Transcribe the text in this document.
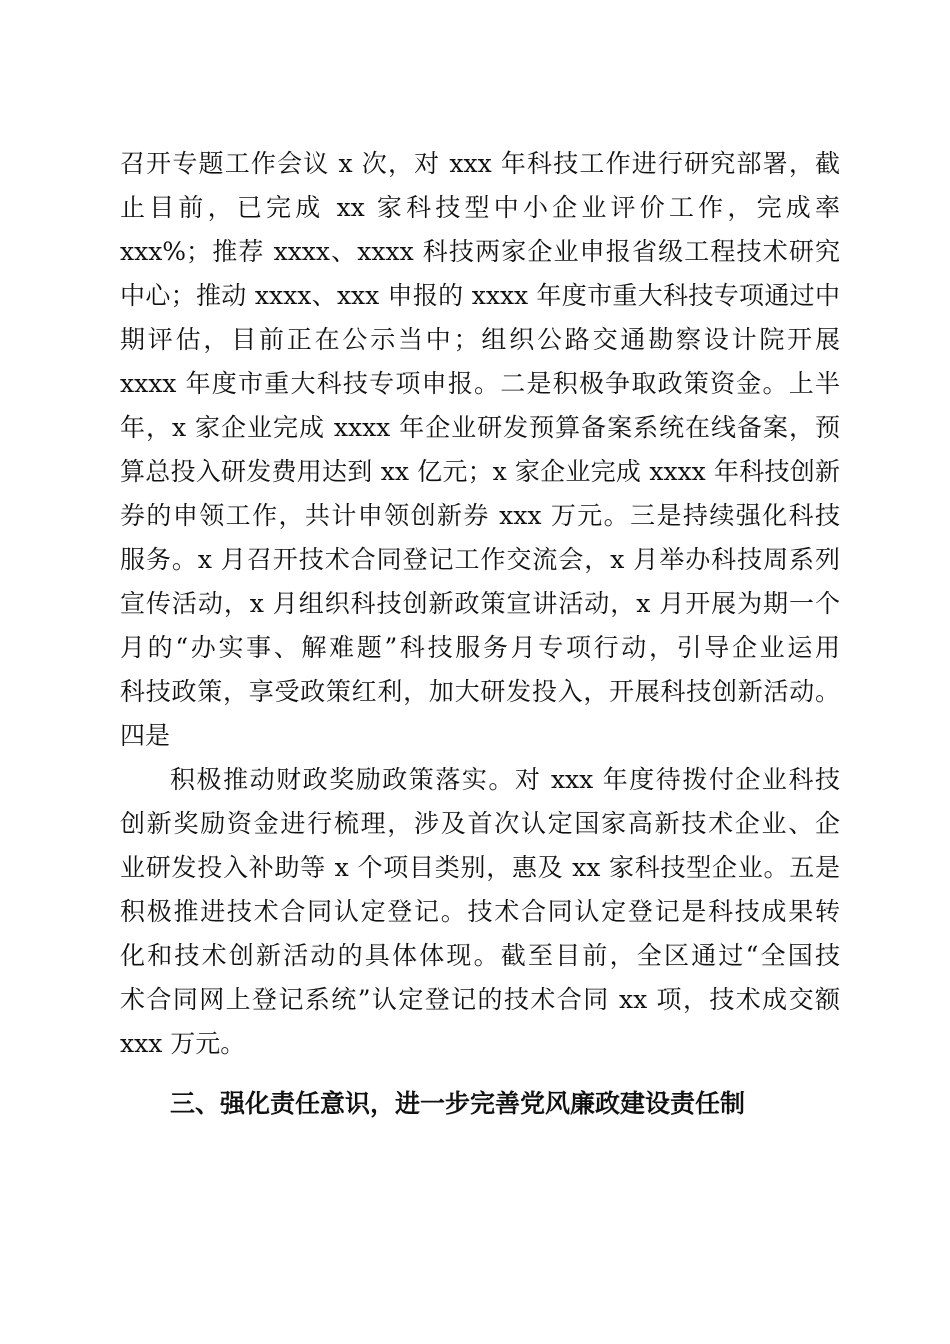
召开专题工作会议 x 次，对 xxx 年科技工作进行研究部署，截
止目前，已完成 xx 家科技型中小企业评价工作，完成率
xxx%；推荐 xxxx、xxxx 科技两家企业申报省级工程技术研究
中心；推动 xxxx、xxx 申报的 xxxx 年度市重大科技专项通过中
期评估，目前正在公示当中；组织公路交通勘察设计院开展
xxxx 年度市重大科技专项申报。二是积极争取政策资金。上半
年，x 家企业完成 xxxx 年企业研发预算备案系统在线备案，预
算总投入研发费用达到 xx 亿元；x 家企业完成 xxxx 年科技创新
券的申领工作，共计申领创新券 xxx 万元。三是持续强化科技
服务。x 月召开技术合同登记工作交流会，x 月举办科技周系列
宣传活动，x 月组织科技创新政策宣讲活动，x 月开展为期一个
月的“办实事、解难题”科技服务月专项行动，引导企业运用
科技政策，享受政策红利，加大研发投入，开展科技创新活动。
四是
积极推动财政奖励政策落实。对 xxx 年度待拨付企业科技
创新奖励资金进行梳理，涉及首次认定国家高新技术企业、企
业研发投入补助等 x 个项目类别，惠及 xx 家科技型企业。五是
积极推进技术合同认定登记。技术合同认定登记是科技成果转
化和技术创新活动的具体体现。截至目前，全区通过“全国技
术合同网上登记系统”认定登记的技术合同 xx 项，技术成交额
xxx 万元。
三、强化责任意识，进一步完善党风廉政建设责任制
